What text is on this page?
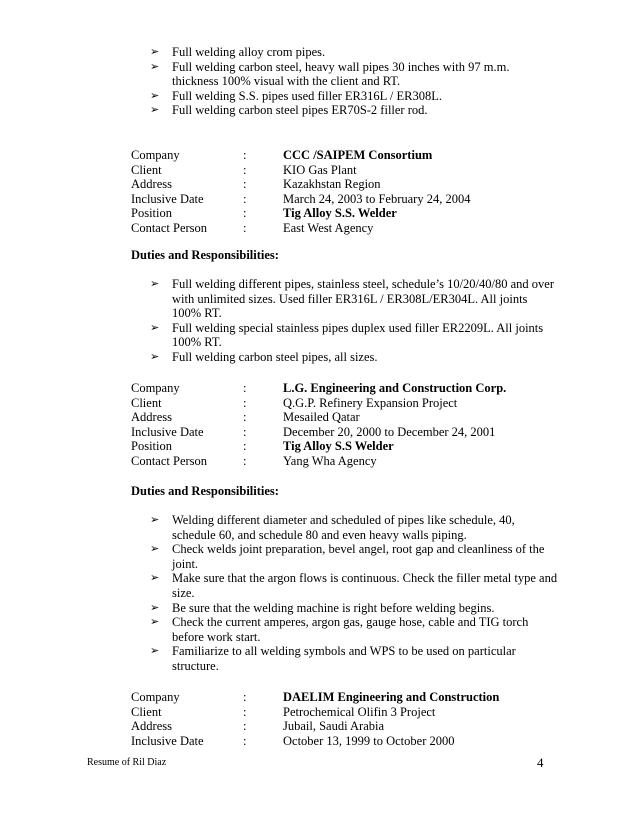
➢ Full welding alloy crom pipes.
➢ Full welding carbon steel, heavy wall pipes 30 inches with 97 m.m. thickness 100% visual with the client and RT.
➢ Full welding S.S. pipes used filler ER316L / ER308L.
➢ Full welding carbon steel pipes ER70S-2 filler rod.
Company	:	CCC /SAIPEM Consortium
Client	:	KIO Gas Plant
Address	:	Kazakhstan Region
Inclusive Date	:	March 24, 2003 to February 24, 2004
Position	:	Tig Alloy S.S. Welder
Contact Person	:	East West Agency
Duties and Responsibilities:
➢ Full welding different pipes, stainless steel, schedule’s 10/20/40/80 and over with unlimited sizes. Used filler ER316L / ER308L/ER304L. All joints 100% RT.
➢ Full welding special stainless pipes duplex used filler ER2209L. All joints 100% RT.
➢ Full welding carbon steel pipes, all sizes.
Company	:	L.G. Engineering and Construction Corp.
Client	:	Q.G.P. Refinery Expansion Project
Address	:	Mesailed Qatar
Inclusive Date	:	December 20, 2000 to December 24, 2001
Position	:	Tig Alloy S.S Welder
Contact Person	:	Yang Wha Agency
Duties and Responsibilities:
➢ Welding different diameter and scheduled of pipes like schedule, 40, schedule 60, and schedule 80 and even heavy walls piping.
➢ Check welds joint preparation, bevel angel, root gap and cleanliness of the joint.
➢ Make sure that the argon flows is continuous. Check the filler metal type and size.
➢ Be sure that the welding machine is right before welding begins.
➢ Check the current amperes, argon gas, gauge hose, cable and TIG torch before work start.
➢ Familiarize to all welding symbols and WPS to be used on particular structure.
Company	:	DAELIM Engineering and Construction
Client	:	Petrochemical Olifin 3 Project
Address	:	Jubail, Saudi Arabia
Inclusive Date	:	October 13, 1999 to October 2000
Resume of Ril Diaz	4
